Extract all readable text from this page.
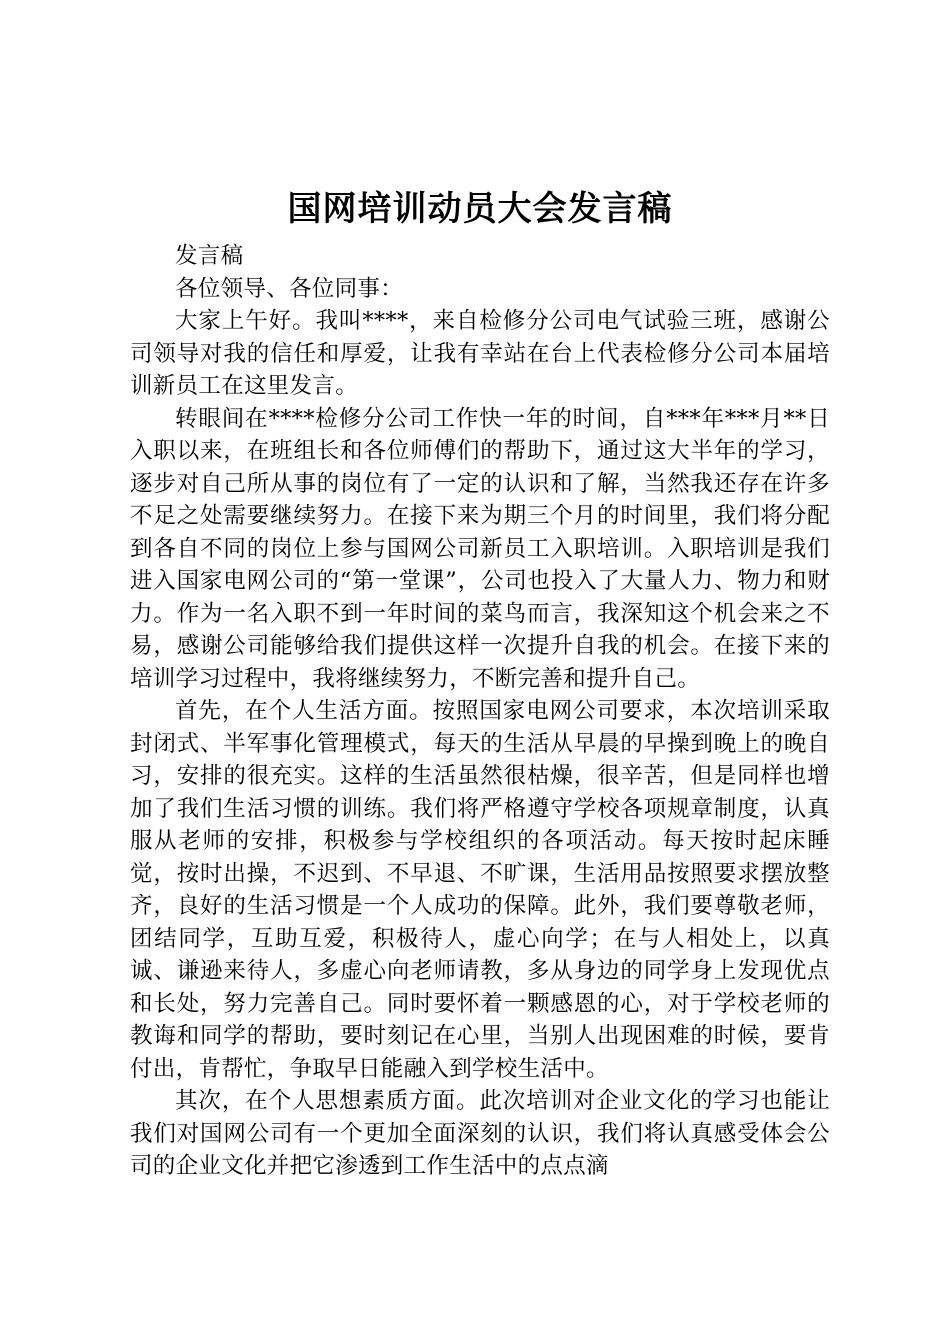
国网培训动员大会发言稿

发言稿

各位领导、各位同事：

大家上午好。我叫****，来自检修分公司电气试验三班，感谢公司领导对我的信任和厚爱，让我有幸站在台上代表检修分公司本届培训新员工在这里发言。

转眼间在****检修分公司工作快一年的时间，自***年***月**日入职以来，在班组长和各位师傅们的帮助下，通过这大半年的学习，逐步对自己所从事的岗位有了一定的认识和了解，当然我还存在许多不足之处需要继续努力。在接下来为期三个月的时间里，我们将分配到各自不同的岗位上参与国网公司新员工入职培训。入职培训是我们进入国家电网公司的“第一堂课”，公司也投入了大量人力、物力和财力。作为一名入职不到一年时间的菜鸟而言，我深知这个机会来之不易，感谢公司能够给我们提供这样一次提升自我的机会。在接下来的培训学习过程中，我将继续努力，不断完善和提升自己。

首先，在个人生活方面。按照国家电网公司要求，本次培训采取封闭式、半军事化管理模式，每天的生活从早晨的早操到晚上的晚自习，安排的很充实。这样的生活虽然很枯燥，很辛苦，但是同样也增加了我们生活习惯的训练。我们将严格遵守学校各项规章制度，认真服从老师的安排，积极参与学校组织的各项活动。每天按时起床睡觉，按时出操，不迟到、不早退、不旷课，生活用品按照要求摆放整齐，良好的生活习惯是一个人成功的保障。此外，我们要尊敬老师，团结同学，互助互爱，积极待人，虚心向学；在与人相处上，以真诚、谦逊来待人，多虚心向老师请教，多从身边的同学身上发现优点和长处，努力完善自己。同时要怀着一颗感恩的心，对于学校老师的教诲和同学的帮助，要时刻记在心里，当别人出现困难的时候，要肯付出，肯帮忙，争取早日能融入到学校生活中。

其次，在个人思想素质方面。此次培训对企业文化的学习也能让我们对国网公司有一个更加全面深刻的认识，我们将认真感受体会公司的企业文化并把它渗透到工作生活中的点点滴
